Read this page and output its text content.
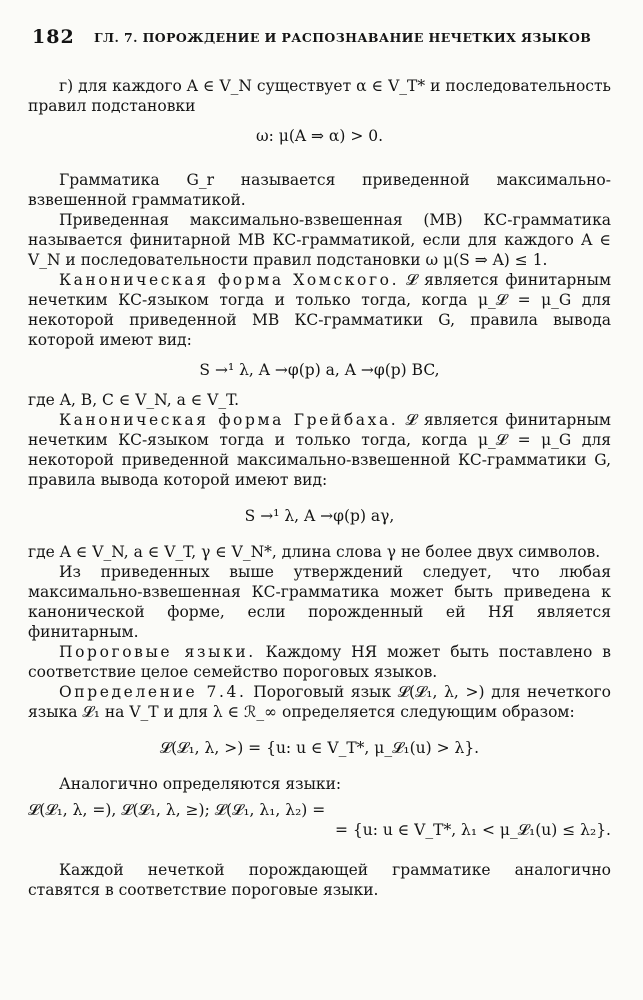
182 ГЛ. 7. ПОРОЖДЕНИЕ И РАСПОЗНАВАНИЕ НЕЧЕТКИХ ЯЗЫКОВ

г) для каждого A ∈ V_N существует α ∈ V_T* и последовательность правил подстановки

ω: μ(A ⇒ α) > 0.

Грамматика G_r называется приведенной максимально-взвешенной грамматикой.

Приведенная максимально-взвешенная (МВ) КС-грамматика называется финитарной МВ КС-грамматикой, если для каждого A ∈ V_N и последовательности правил подстановки ω μ(S ⇒ A) ≤ 1.

Каноническая форма Хомского. 𝓛 является финитарным нечетким КС-языком тогда и только тогда, когда μ_𝓛 = μ_G для некоторой приведенной МВ КС-грамматики G, правила вывода которой имеют вид:

S →¹ λ, A →φ(p) a, A →φ(p) BC,

где A, B, C ∈ V_N, a ∈ V_T.

Каноническая форма Грейбаха. 𝓛 является финитарным нечетким КС-языком тогда и только тогда, когда μ_𝓛 = μ_G для некоторой приведенной максимально-взвешенной КС-грамматики G, правила вывода которой имеют вид:

S →¹ λ, A →φ(p) aγ,

где A ∈ V_N, a ∈ V_T, γ ∈ V_N*, длина слова γ не более двух символов.

Из приведенных выше утверждений следует, что любая максимально-взвешенная КС-грамматика может быть приведена к канонической форме, если порожденный ей НЯ является финитарным.

Пороговые языки. Каждому НЯ может быть поставлено в соответствие целое семейство пороговых языков.

Определение 7.4. Пороговый язык 𝓛(𝓛₁, λ, >) для нечеткого языка 𝓛₁ на V_T и для λ ∈ ℛ_∞ определяется следующим образом:

𝓛(𝓛₁, λ, >) = {u: u ∈ V_T*, μ_𝓛₁(u) > λ}.

Аналогично определяются языки:

𝓛(𝓛₁, λ, =), 𝓛(𝓛₁, λ, ≥); 𝓛(𝓛₁, λ₁, λ₂) =
= {u: u ∈ V_T*, λ₁ < μ_𝓛₁(u) ≤ λ₂}.

Каждой нечеткой порождающей грамматике аналогично ставятся в соответствие пороговые языки.
